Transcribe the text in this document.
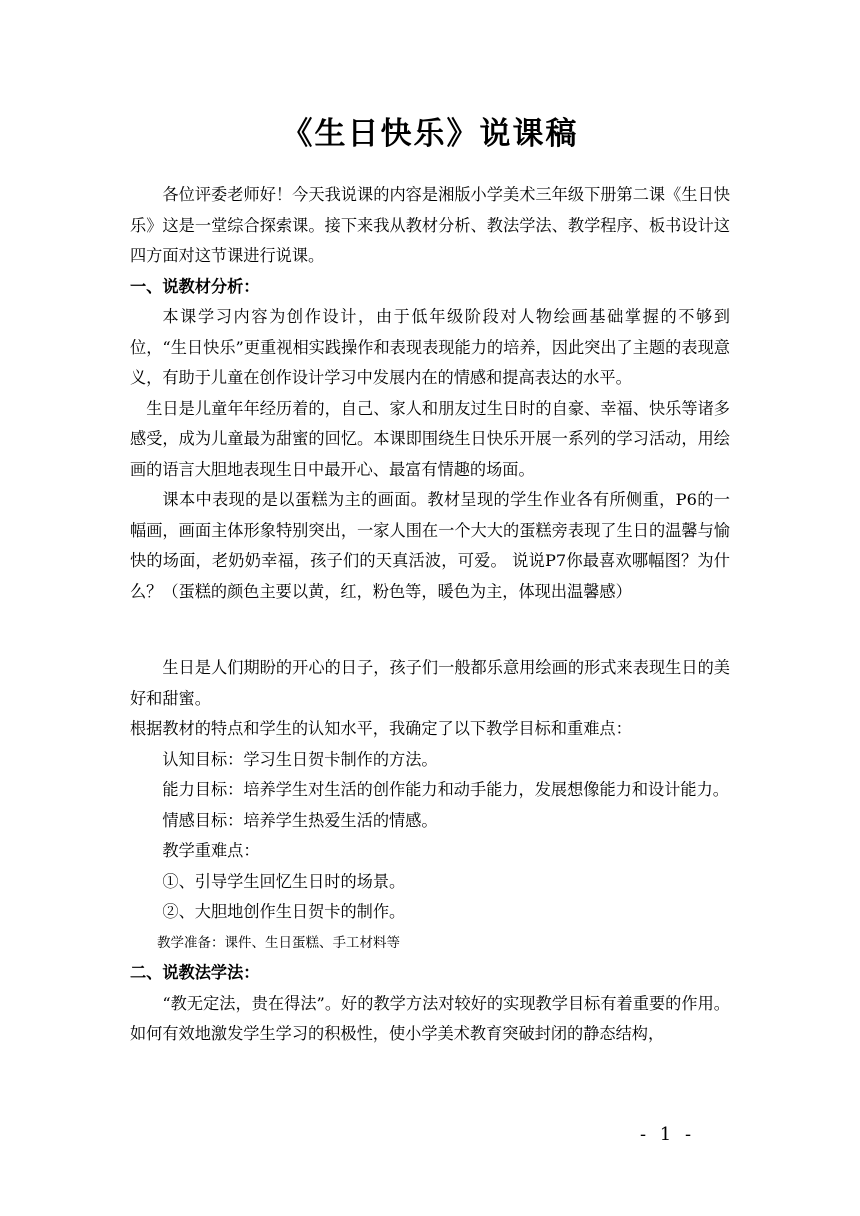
《生日快乐》说课稿

各位评委老师好！今天我说课的内容是湘版小学美术三年级下册第二课《生日快乐》这是一堂综合探索课。接下来我从教材分析、教法学法、教学程序、板书设计这四方面对这节课进行说课。

一、说教材分析：

本课学习内容为创作设计，由于低年级阶段对人物绘画基础掌握的不够到位，“生日快乐”更重视相实践操作和表现表现能力的培养，因此突出了主题的表现意义，有助于儿童在创作设计学习中发展内在的情感和提高表达的水平。

生日是儿童年年经历着的，自己、家人和朋友过生日时的自豪、幸福、快乐等诸多感受，成为儿童最为甜蜜的回忆。本课即围绕生日快乐开展一系列的学习活动，用绘画的语言大胆地表现生日中最开心、最富有情趣的场面。

课本中表现的是以蛋糕为主的画面。教材呈现的学生作业各有所侧重，P6的一幅画，画面主体形象特别突出，一家人围在一个大大的蛋糕旁表现了生日的温馨与愉快的场面，老奶奶幸福，孩子们的天真活波，可爱。 说说P7你最喜欢哪幅图？为什么？（蛋糕的颜色主要以黄，红，粉色等，暖色为主，体现出温馨感）

生日是人们期盼的开心的日子，孩子们一般都乐意用绘画的形式来表现生日的美好和甜蜜。

根据教材的特点和学生的认知水平，我确定了以下教学目标和重难点：

认知目标：学习生日贺卡制作的方法。

能力目标：培养学生对生活的创作能力和动手能力，发展想像能力和设计能力。

情感目标：培养学生热爱生活的情感。

教学重难点：

①、引导学生回忆生日时的场景。

②、大胆地创作生日贺卡的制作。

教学准备：课件、生日蛋糕、手工材料等

二、说教法学法：

“教无定法，贵在得法”。好的教学方法对较好的实现教学目标有着重要的作用。如何有效地激发学生学习的积极性，使小学美术教育突破封闭的静态结构，

- 1 -
